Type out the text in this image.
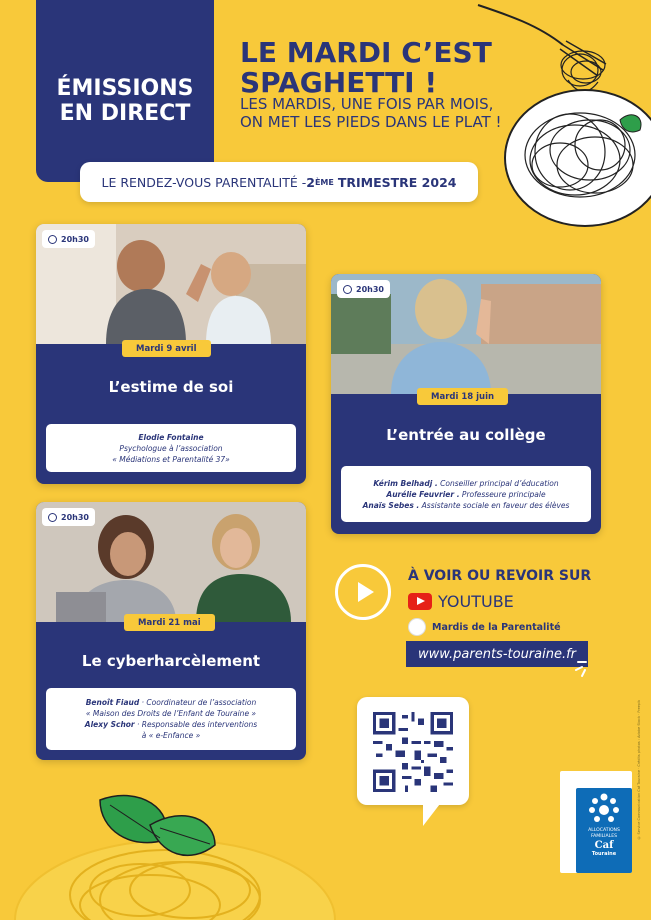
ÉMISSIONS
EN DIRECT
LE MARDI C’EST
SPAGHETTI !
LES MARDIS, UNE FOIS PAR MOIS,
ON MET LES PIEDS DANS LE PLAT !
LE RENDEZ-VOUS PARENTALITÉ - 2 ÈME TRIMESTRE 2024
20h30
Mardi 9 avril
L’estime de soi
Elodie Fontaine
Psychologue à l’association
« Médiations et Parentalité 37»
20h30
Mardi 18 juin
L’entrée au collège
Kérim Belhadj . Conseiller principal d’éducation
Aurélie Feuvrier . Professeure principale
Anaïs Sebes . Assistante sociale en faveur des élèves
20h30
Mardi 21 mai
Le cyberharcèlement
Benoît Fiaud · Coordinateur de l’association
« Maison des Droits de l’Enfant de Touraine »
Alexy Schor · Responsable des interventions
à « e-Enfance »
À VOIR OU REVOIR SUR
YOUTUBE
Mardis de la Parentalité
www.parents-touraine.fr
ALLOCATIONS
FAMILIALES
Caf
Touraine
© Service Communication Caf Touraine · Crédits photos : Adobe Stock · Freepik
